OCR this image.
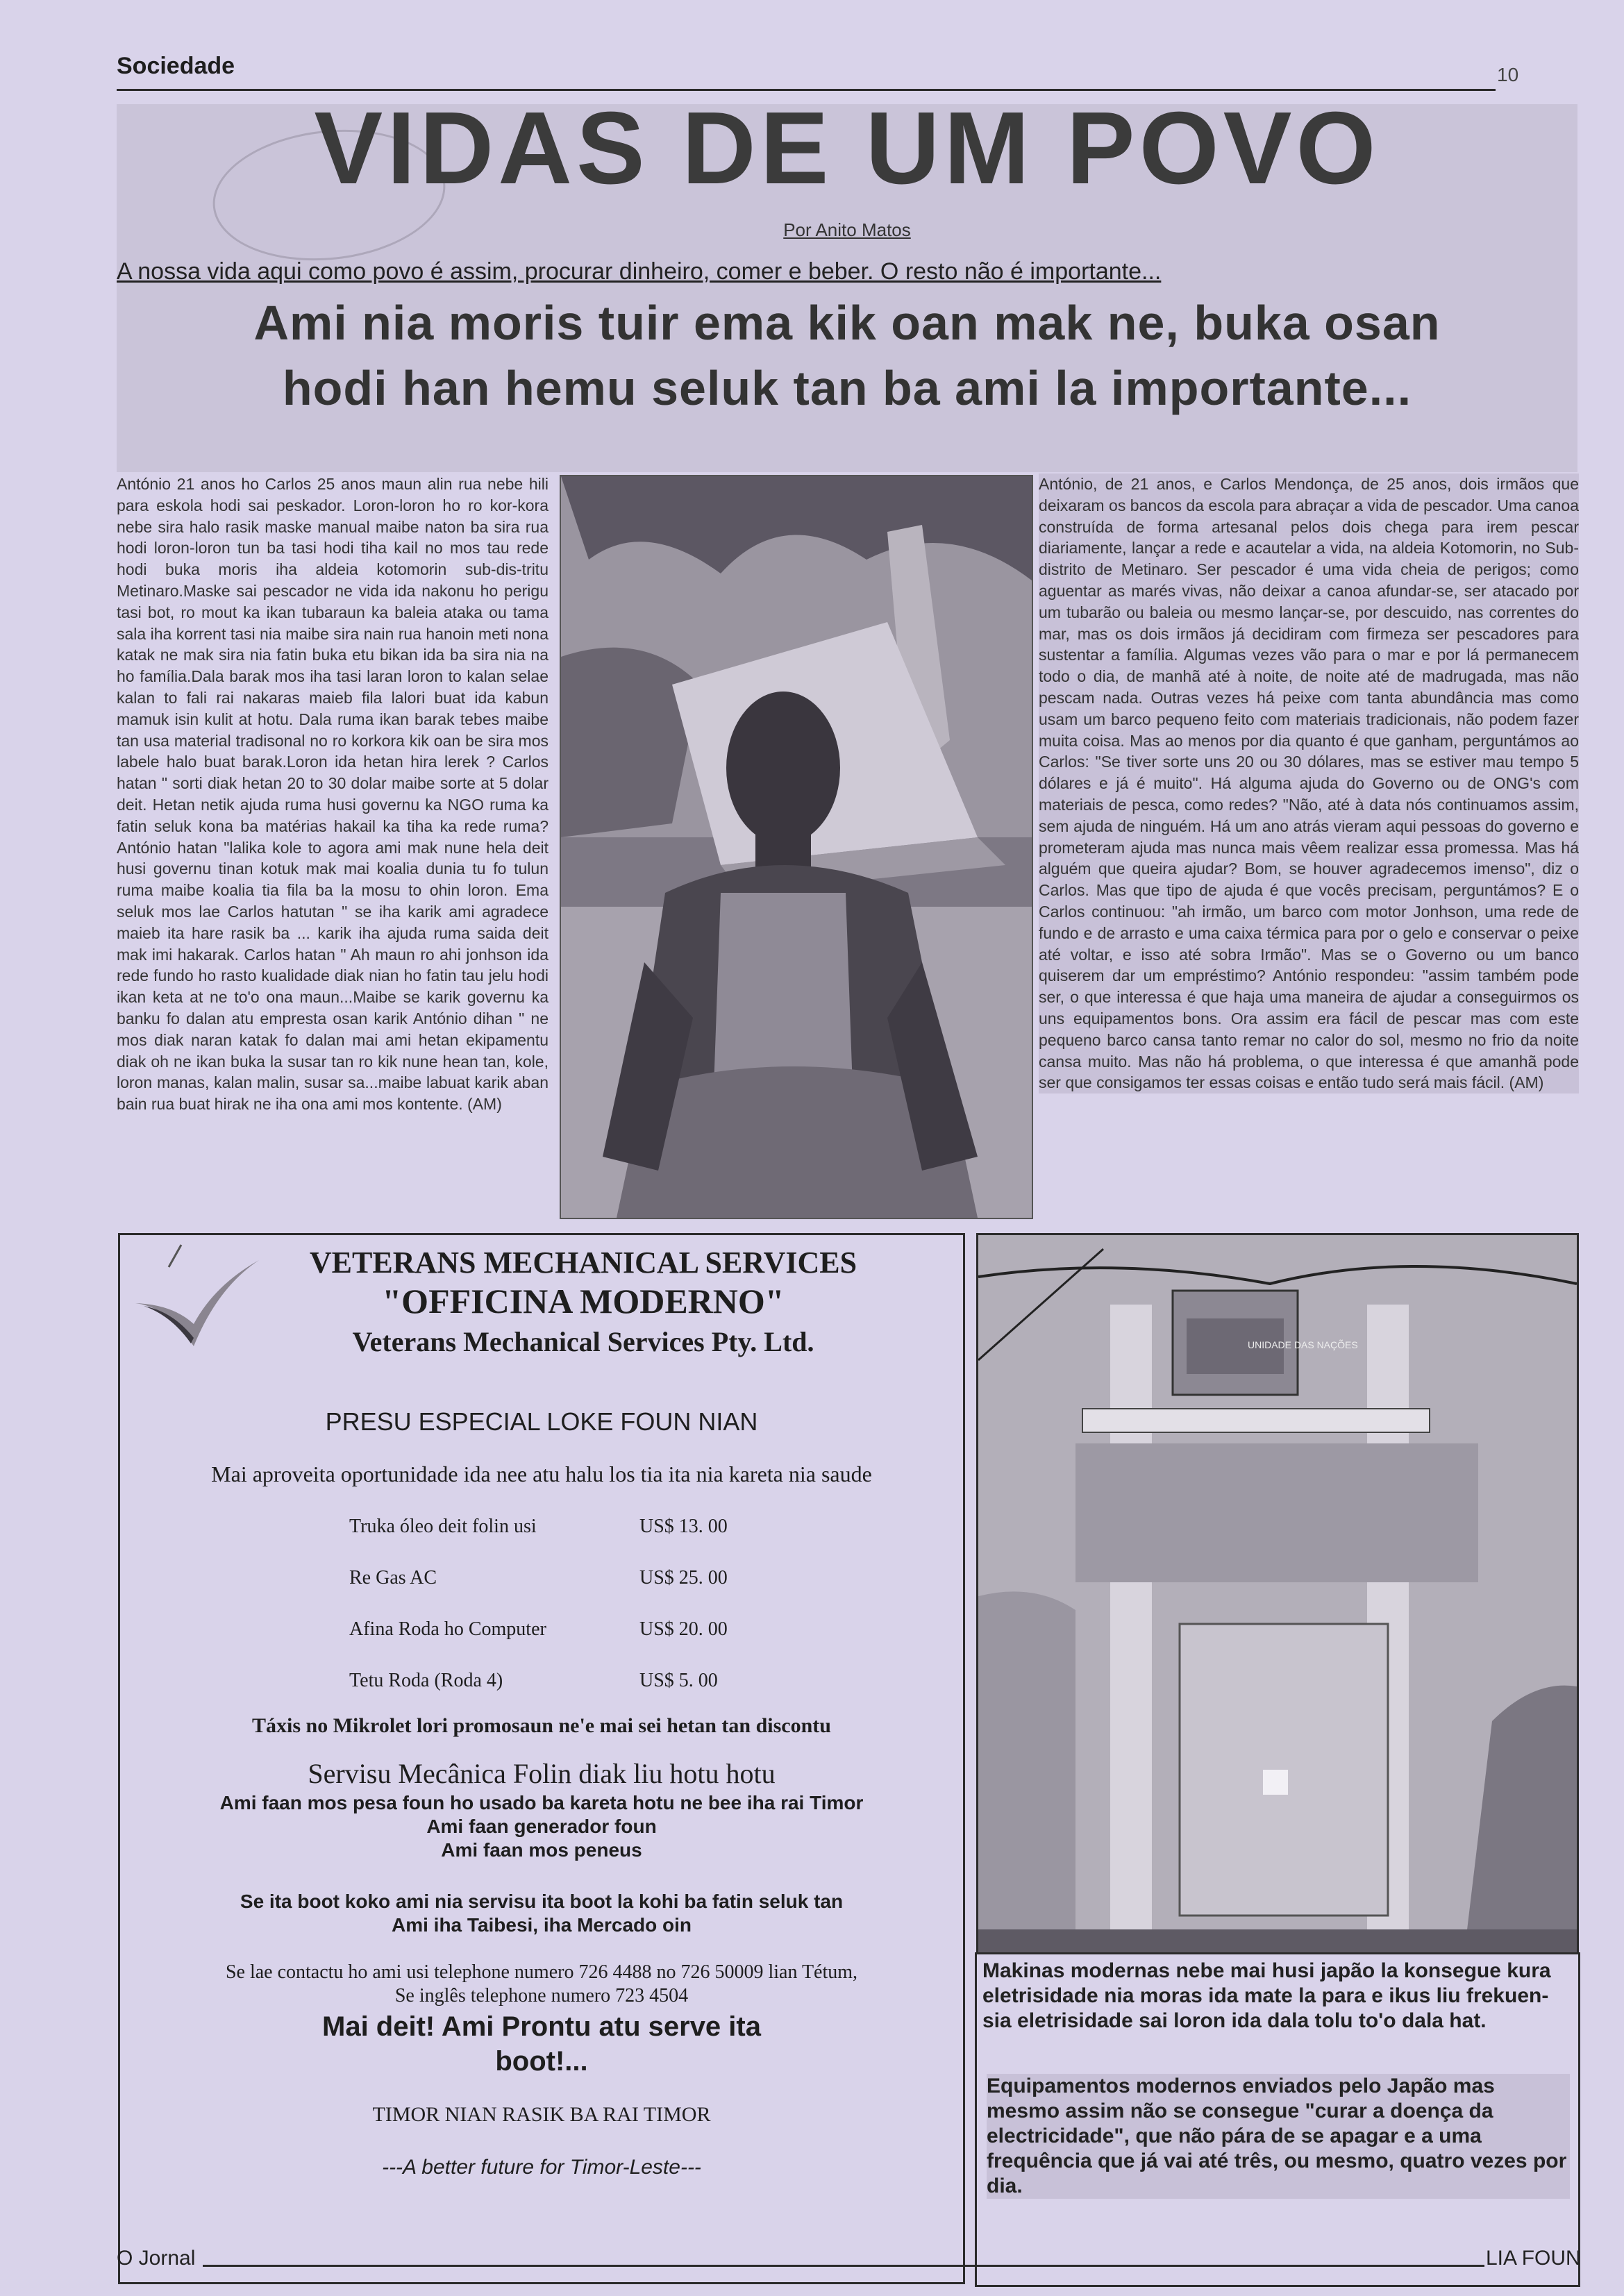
Sociedade	10
VIDAS DE UM POVO
Por Anito Matos
A nossa vida aqui como povo é assim, procurar dinheiro, comer e beber. O resto não é importante...
Ami nia moris tuir ema kik oan mak ne, buka osan
hodi han hemu seluk tan ba ami la importante...
António 21 anos ho Carlos 25 anos maun alin rua nebe hili para eskola hodi sai peskador. Loron-loron ho ro kor-kora nebe sira halo rasik maske manual maibe naton ba sira rua hodi loron-loron tun ba tasi hodi tiha kail no mos tau rede hodi buka moris iha aldeia kotomorin sub-dis-tritu Metinaro.Maske sai pescador ne vida ida nakonu ho perigu tasi bot, ro mout ka ikan tubaraun ka baleia ataka ou tama sala iha korrent tasi nia maibe sira nain rua hanoin meti nona katak ne mak sira nia fatin buka etu bikan ida ba sira nia na ho família.Dala barak mos iha tasi laran loron to kalan selae kalan to fali rai nakaras maieb fila lalori buat ida kabun mamuk isin kulit at hotu. Dala ruma ikan barak tebes maibe tan usa material tradisonal no ro korkora kik oan be sira mos labele halo buat barak.Loron ida hetan hira lerek ? Carlos hatan " sorti diak hetan 20 to 30 dolar maibe sorte at 5 dolar deit. Hetan netik ajuda ruma husi governu ka NGO ruma ka fatin seluk kona ba matérias hakail ka tiha ka rede ruma? António hatan "lalika kole to agora ami mak nune hela deit husi governu tinan kotuk mak mai koalia dunia tu fo tulun ruma maibe koalia tia fila ba la mosu to ohin loron. Ema seluk mos lae Carlos hatutan " se iha karik ami agradece maieb ita hare rasik ba ... karik iha ajuda ruma saida deit mak imi hakarak. Carlos hatan " Ah maun ro ahi jonhson ida rede fundo ho rasto kualidade diak nian ho fatin tau jelu hodi ikan keta at ne to'o ona maun...Maibe se karik governu ka banku fo dalan atu empresta osan karik António dihan " ne mos diak naran katak fo dalan mai ami hetan ekipamentu diak oh ne ikan buka la susar tan ro kik nune hean tan, kole, loron manas, kalan malin, susar sa...maibe labuat karik aban bain rua buat hirak ne iha ona ami mos kontente. (AM)
António, de 21 anos, e Carlos Mendonça, de 25 anos, dois irmãos que deixaram os bancos da escola para abraçar a vida de pescador. Uma canoa construída de forma artesanal pelos dois chega para irem pescar diariamente, lançar a rede e acautelar a vida, na aldeia Kotomorin, no Sub-distrito de Metinaro. Ser pescador é uma vida cheia de perigos; como aguentar as marés vivas, não deixar a canoa afundar-se, ser atacado por um tubarão ou baleia ou mesmo lançar-se, por descuido, nas correntes do mar, mas os dois irmãos já decidiram com firmeza ser pescadores para sustentar a família. Algumas vezes vão para o mar e por lá permanecem todo o dia, de manhã até à noite, de noite até de madrugada, mas não pescam nada. Outras vezes há peixe com tanta abundância mas como usam um barco pequeno feito com materiais tradicionais, não podem fazer muita coisa. Mas ao menos por dia quanto é que ganham, perguntámos ao Carlos: "Se tiver sorte uns 20 ou 30 dólares, mas se estiver mau tempo 5 dólares e já é muito". Há alguma ajuda do Governo ou de ONG's com materiais de pesca, como redes? "Não, até à data nós continuamos assim, sem ajuda de ninguém. Há um ano atrás vieram aqui pessoas do governo e prometeram ajuda mas nunca mais vêem realizar essa promessa. Mas há alguém que queira ajudar? Bom, se houver agradecemos imenso", diz o Carlos. Mas que tipo de ajuda é que vocês precisam, perguntámos? E o Carlos continuou: "ah irmão, um barco com motor Jonhson, uma rede de fundo e de arrasto e uma caixa térmica para por o gelo e conservar o peixe até voltar, e isso até sobra Irmão". Mas se o Governo ou um banco quiserem dar um empréstimo? António respondeu: "assim também pode ser, o que interessa é que haja uma maneira de ajudar a conseguirmos os uns equipamentos bons. Ora assim era fácil de pescar mas com este pequeno barco cansa tanto remar no calor do sol, mesmo no frio da noite cansa muito. Mas não há problema, o que interessa é que amanhã pode ser que consigamos ter essas coisas e então tudo será mais fácil. (AM)
VETERANS MECHANICAL SERVICES
"OFFICINA MODERNO"
Veterans Mechanical Services Pty. Ltd.
PRESU ESPECIAL LOKE FOUN NIAN
Mai aproveita oportunidade ida nee atu halu los tia ita nia kareta nia saude
Truka óleo deit folin usi	US$ 13. 00
Re Gas AC	US$ 25. 00
Afina Roda ho Computer	US$ 20. 00
Tetu Roda (Roda 4)	US$ 5. 00
Táxis no Mikrolet lori promosaun ne'e mai sei hetan tan discontu
Servisu Mecânica Folin diak liu hotu hotu
Ami faan mos pesa foun ho usado ba kareta hotu ne bee iha rai Timor
Ami faan generador foun
Ami faan mos peneus
Se ita boot koko ami nia servisu ita boot la kohi ba fatin seluk tan
Ami iha Taibesi, iha Mercado oin
Se lae contactu ho ami usi telephone numero 726 4488 no 726 50009 lian Tétum,
Se inglês telephone numero 723 4504
Mai deit! Ami Prontu atu serve ita
boot!...
TIMOR NIAN RASIK BA RAI TIMOR
---A better future for Timor-Leste---
UNIDADE DAS NAÇÕES
Makinas modernas nebe mai husi japão la konsegue kura eletrisidade nia moras ida mate la para e ikus liu frekuen-sia eletrisidade sai loron ida dala tolu to'o dala hat.
Equipamentos modernos enviados pelo Japão mas mesmo assim não se consegue "curar a doença da electricidade", que não pára de se apagar e a uma frequência que já vai até três, ou mesmo, quatro vezes por dia.
O Jornal	LIA FOUN
